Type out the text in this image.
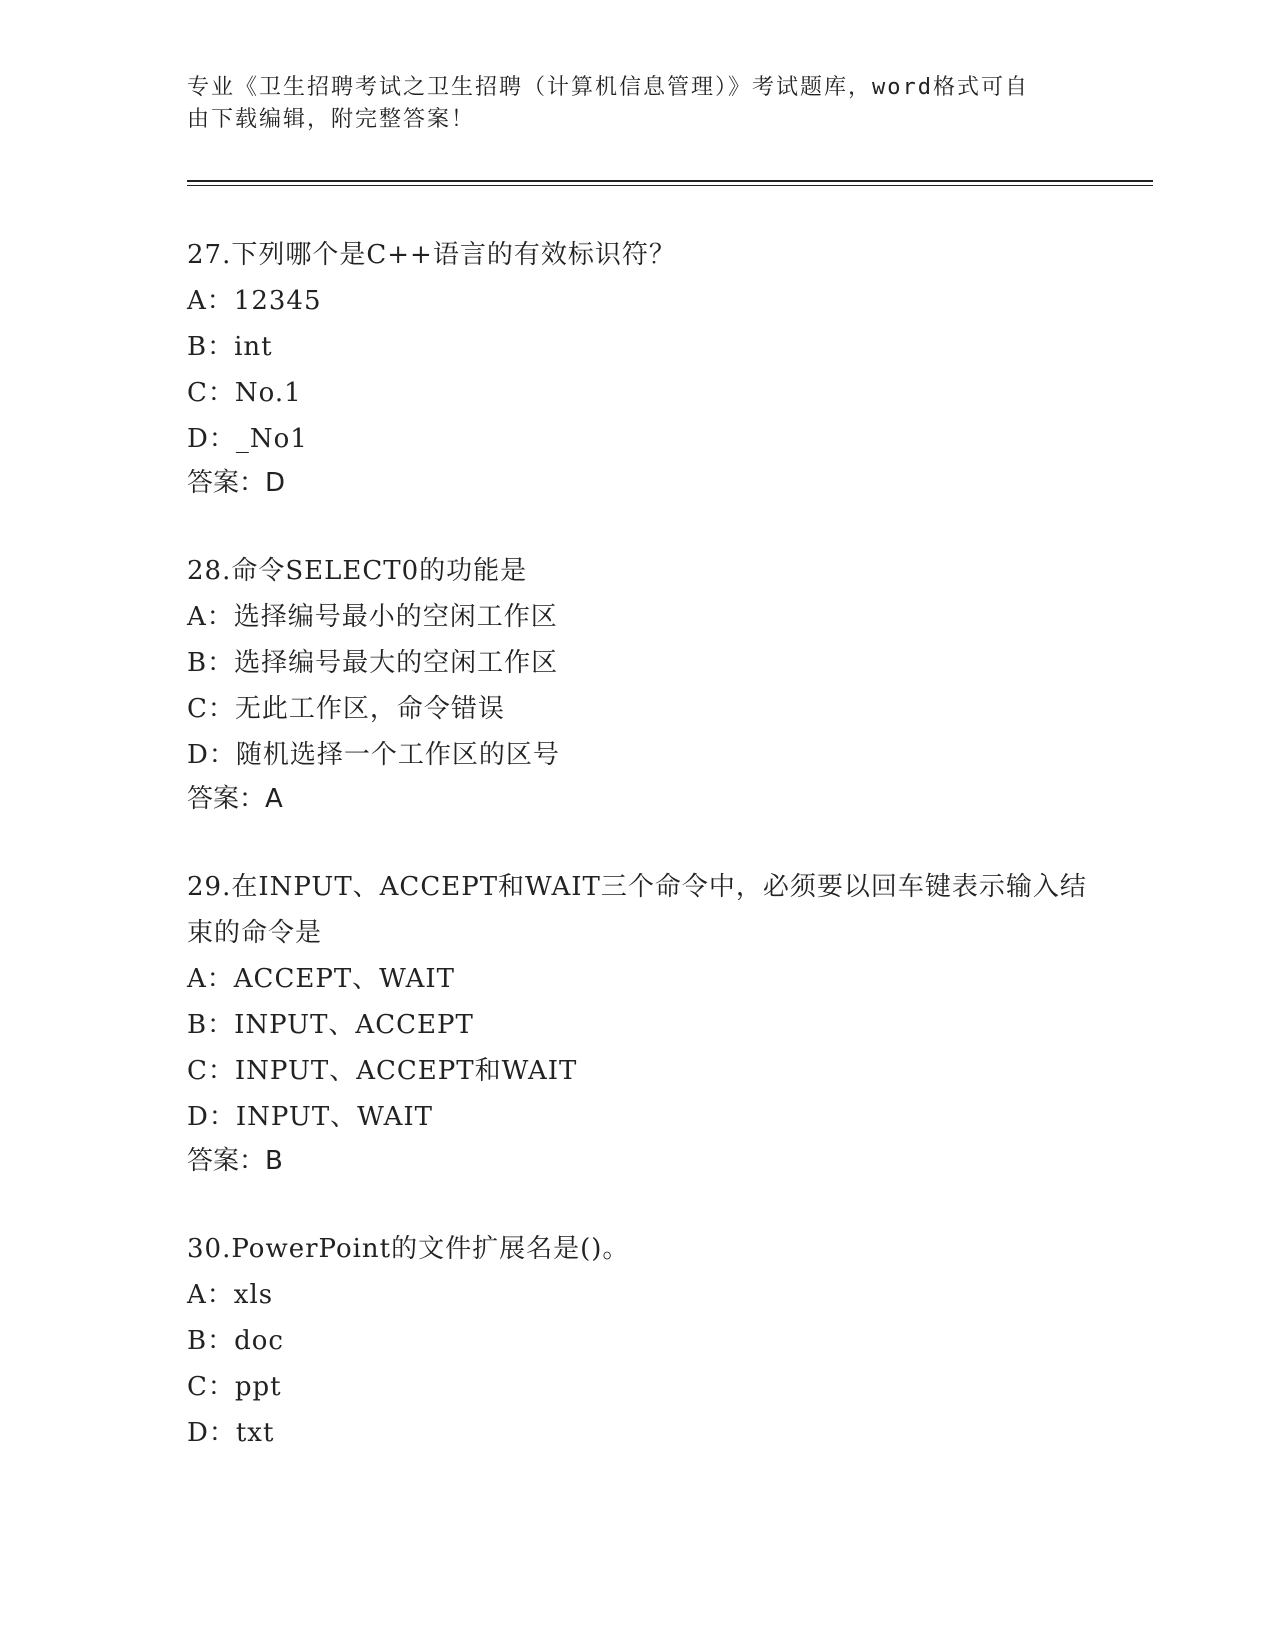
专业《卫生招聘考试之卫生招聘（计算机信息管理）》考试题库，word格式可自
由下载编辑，附完整答案！

27.下列哪个是C++语言的有效标识符？

A：12345

B：int

C：No.1

D：_No1

答案：D

28.命令SELECT0的功能是

A：选择编号最小的空闲工作区

B：选择编号最大的空闲工作区

C：无此工作区，命令错误

D：随机选择一个工作区的区号

答案：A

29.在INPUT、ACCEPT和WAIT三个命令中，必须要以回车键表示输入结束的命令是

A：ACCEPT、WAIT

B：INPUT、ACCEPT

C：INPUT、ACCEPT和WAIT

D：INPUT、WAIT

答案：B

30.PowerPoint的文件扩展名是()。

A：xls

B：doc

C：ppt

D：txt
